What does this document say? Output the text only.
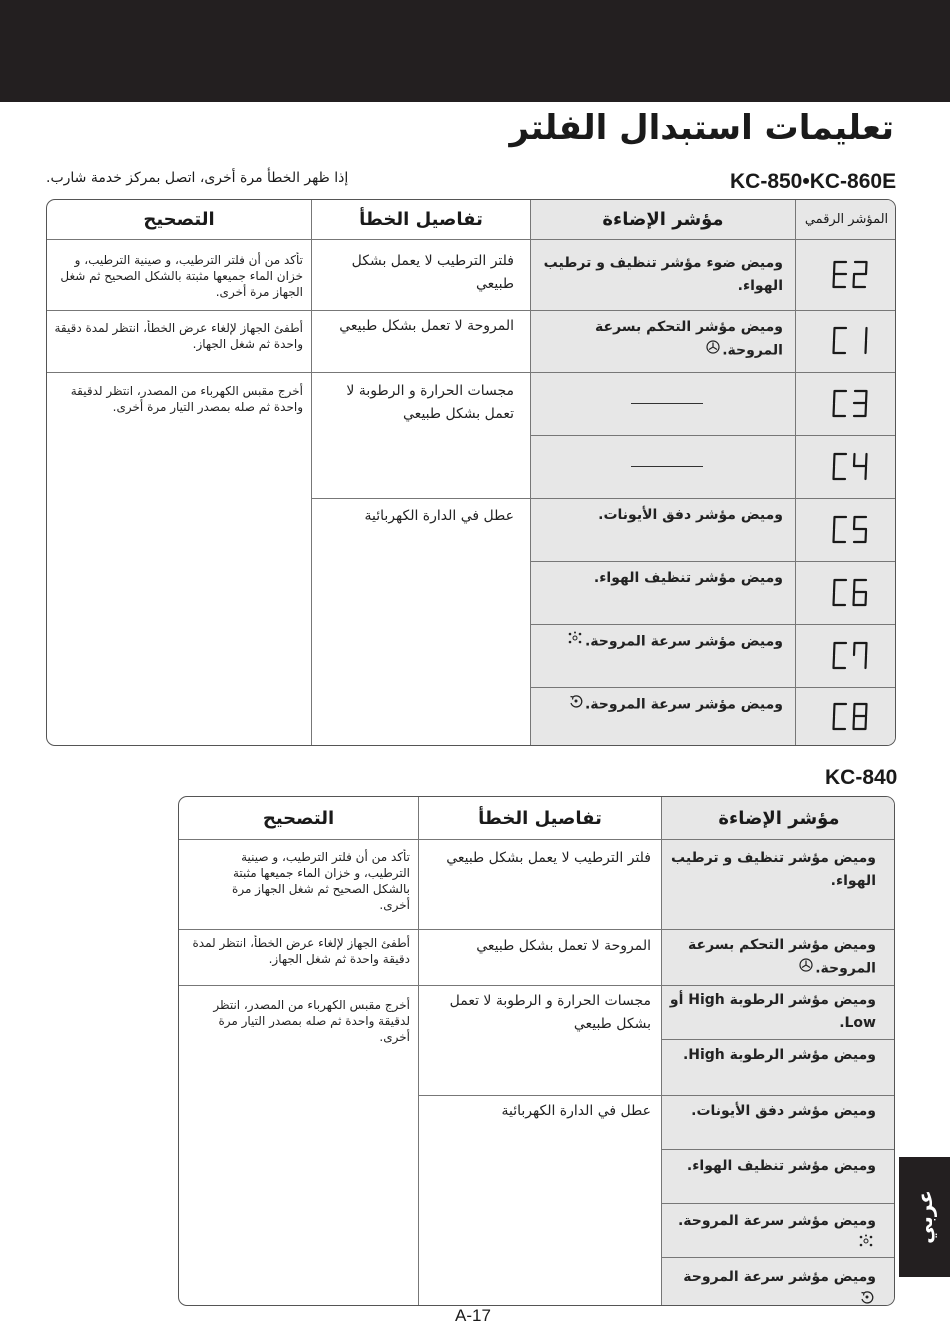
تعليمات استبدال الفلتر
KC-850•KC-860E
إذا ظهر الخطأ مرة أخرى، اتصل بمركز خدمة شارب.
التصحيح
تأكد من أن فلتر الترطيب، و صينية الترطيب، و خزان الماء جميعها مثبتة بالشكل الصحيح ثم شغل الجهاز مرة أخرى.
أطفئ الجهاز لإلغاء عرض الخطأ، انتظر لمدة دقيقة واحدة ثم شغل الجهاز.
أخرج مقبس الكهرباء من المصدر، انتظر لدقيقة واحدة ثم صله بمصدر التيار مرة أخرى.
تفاصيل الخطأ
فلتر الترطيب لا يعمل بشكل طبيعي
المروحة لا تعمل بشكل طبيعي
مجسات الحرارة و الرطوبة لا تعمل بشكل طبيعي
عطل في الدارة الكهربائية
مؤشر الإضاءة
وميض ضوء مؤشر تنظيف و ترطيب الهواء.
وميض مؤشر التحكم بسرعة المروحة.
وميض مؤشر دفق الأيونات.
وميض مؤشر تنظيف الهواء.
وميض مؤشر سرعة المروحة.
وميض مؤشر سرعة المروحة.
المؤشر الرقمي
KC-840
التصحيح
تأكد من أن فلتر الترطيب، و صينية الترطيب، و خزان الماء جميعها مثبتة بالشكل الصحيح ثم شغل الجهاز مرة أخرى.
أطفئ الجهاز لإلغاء عرض الخطأ، انتظر لمدة دقيقة واحدة ثم شغل الجهاز.
أخرج مقبس الكهرباء من المصدر، انتظر لدقيقة واحدة ثم صله بمصدر التيار مرة أخرى.
تفاصيل الخطأ
فلتر الترطيب لا يعمل بشكل طبيعي
المروحة لا تعمل بشكل طبيعي
مجسات الحرارة و الرطوبة لا تعمل بشكل طبيعي
عطل في الدارة الكهربائية
مؤشر الإضاءة
وميض مؤشر تنظيف و ترطيب الهواء.
وميض مؤشر التحكم بسرعة المروحة.
وميض مؤشر الرطوبة High أو Low.
وميض مؤشر الرطوبة High.
وميض مؤشر دفق الأيونات.
وميض مؤشر تنظيف الهواء.
وميض مؤشر سرعة المروحة.
وميض مؤشر سرعة المروحة
عربي
A-17
